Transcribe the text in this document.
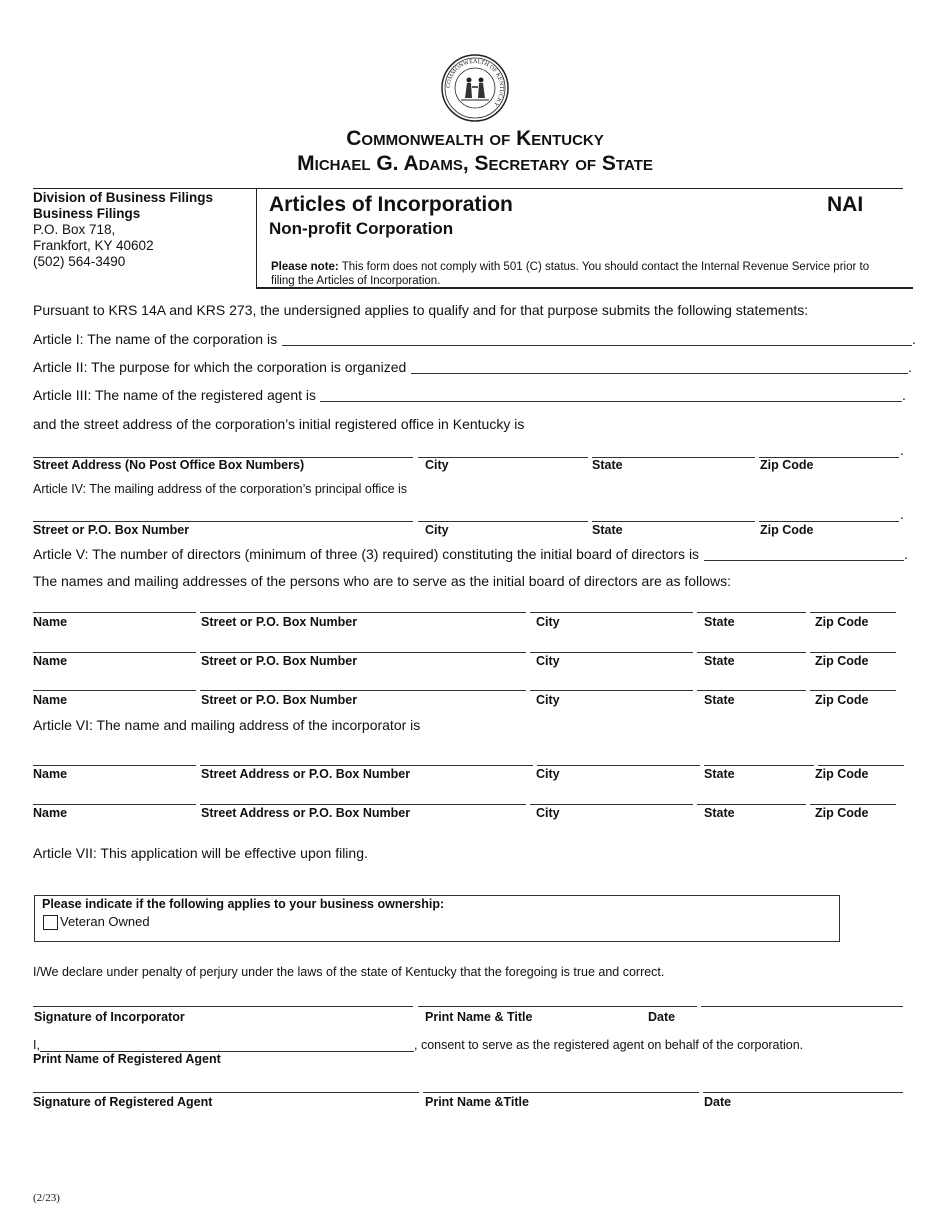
COMMONWEALTH OF KENTUCKY
Commonwealth of Kentucky
Michael G. Adams, Secretary of State
Division of Business Filings
Business Filings
P.O. Box 718,
Frankfort, KY 40602
(502) 564-3490
Articles of Incorporation
Non-profit Corporation
NAI
Please note: This form does not comply with 501 (C) status. You should contact the Internal Revenue Service prior to filing the Articles of Incorporation.
Pursuant to KRS 14A and KRS 273, the undersigned applies to qualify and for that purpose submits the following statements:
Article I: The name of the corporation is	.
Article II: The purpose for which the corporation is organized	.
Article III: The name of the registered agent is	.
and the street address of the corporation’s initial registered office in Kentucky is
.
Street Address (No Post Office Box Numbers)	City	State	Zip Code
Article IV: The mailing address of the corporation’s principal office is
.
Street or P.O. Box Number	City	State	Zip Code
Article V: The number of directors (minimum of three (3) required) constituting the initial board of directors is	.
The names and mailing addresses of the persons who are to serve as the initial board of directors are as follows:
Name	Street or P.O. Box Number	City	State	Zip Code
Name	Street or P.O. Box Number	City	State	Zip Code
Name	Street or P.O. Box Number	City	State	Zip Code
Article VI: The name and mailing address of the incorporator is
Name	Street Address or P.O. Box Number	City	State	Zip Code
Name	Street Address or P.O. Box Number	City	State	Zip Code
Article VII: This application will be effective upon filing.
Please indicate if the following applies to your business ownership:
Veteran Owned
I/We declare under penalty of perjury under the laws of the state of Kentucky that the foregoing is true and correct.
Signature of Incorporator	Print Name & Title	Date
I,	, consent to serve as the registered agent on behalf of the corporation.
Print Name of Registered Agent
Signature of Registered Agent	Print Name &Title	Date
(2/23)
